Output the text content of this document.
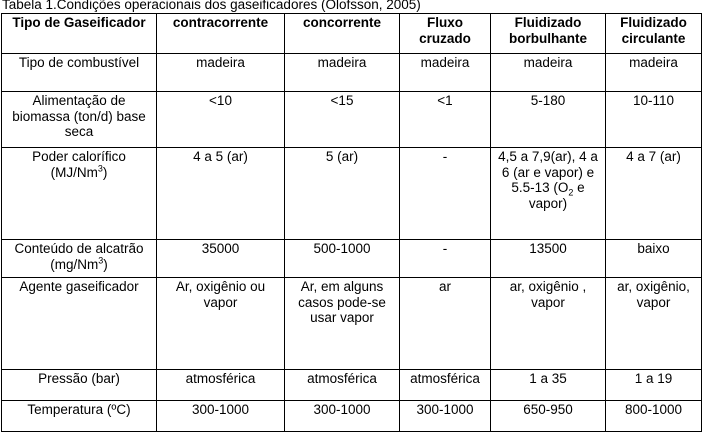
Tabela 1.Condições operacionais dos gaseificadores (Olofsson, 2005)
Tipo de Gaseificador	contracorrente	concorrente	Fluxo cruzado	Fluidizado borbulhante	Fluidizado circulante
Tipo de combustível	madeira	madeira	madeira	madeira	madeira
Alimentação de biomassa (ton/d) base seca	<10	<15	<1	5-180	10-110
Poder calorífico (MJ/Nm$^3$)	4 a 5 (ar)	5 (ar)	-	4,5 a 7,9(ar), 4 a 6 (ar e vapor) e 5.5-13 ($O_2$ e vapor)	4 a 7 (ar)
Conteúdo de alcatrão (mg/Nm$^3$)	35000	500-1000	-	13500	baixo
Agente gaseificador	Ar, oxigênio ou vapor	Ar, em alguns casos pode-se usar vapor	ar	ar, oxigênio , vapor	ar, oxigênio, vapor
Pressão (bar)	atmosférica	atmosférica	atmosférica	1 a 35	1 a 19
Temperatura (ºC)	300-1000	300-1000	300-1000	650-950	800-1000
